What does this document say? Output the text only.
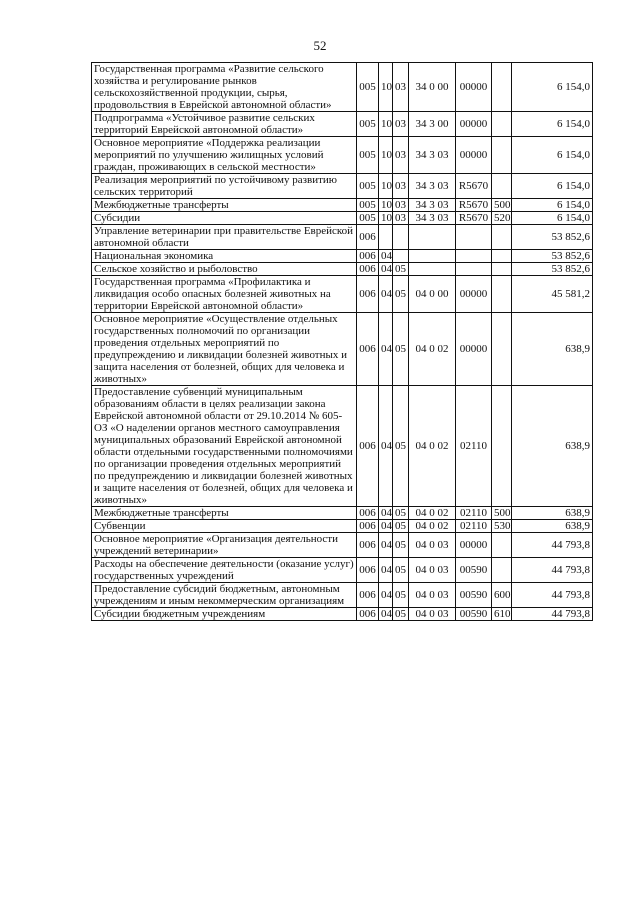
52
Государственная программа «Развитие сельского хозяйства и регулирование рынков сельскохозяйственной продукции, сырья, продовольствия в Еврейской автономной области»	005	10	03	34 0 00	00000		6 154,0
Подпрограмма «Устойчивое развитие сельских территорий Еврейской автономной области»	005	10	03	34 3 00	00000		6 154,0
Основное мероприятие «Поддержка реализации мероприятий по улучшению жилищных условий граждан, проживающих в сельской местности»	005	10	03	34 3 03	00000		6 154,0
Реализация мероприятий по устойчивому развитию сельских территорий	005	10	03	34 3 03	R5670		6 154,0
Межбюджетные трансферты	005	10	03	34 3 03	R5670	500	6 154,0
Субсидии	005	10	03	34 3 03	R5670	520	6 154,0
Управление ветеринарии при правительстве Еврейской автономной области	006						53 852,6
Национальная экономика	006	04					53 852,6
Сельское хозяйство и рыболовство	006	04	05				53 852,6
Государственная программа «Профилактика и ликвидация особо опасных болезней животных на территории Еврейской автономной области»	006	04	05	04 0 00	00000		45 581,2
Основное мероприятие «Осуществление отдельных государственных полномочий по организации проведения отдельных мероприятий по предупреждению и ликвидации болезней животных и защита населения от болезней, общих для человека и животных»	006	04	05	04 0 02	00000		638,9
Предоставление субвенций муниципальным образованиям области в целях реализации закона Еврейской автономной области от 29.10.2014 № 605-ОЗ «О наделении органов местного самоуправления муниципальных образований Еврейской автономной области отдельными государственными полномочиями по организации проведения отдельных мероприятий по предупреждению и ликвидации болезней животных и защите населения от болезней, общих для человека и животных»	006	04	05	04 0 02	02110		638,9
Межбюджетные трансферты	006	04	05	04 0 02	02110	500	638,9
Субвенции	006	04	05	04 0 02	02110	530	638,9
Основное мероприятие «Организация деятельности учреждений ветеринарии»	006	04	05	04 0 03	00000		44 793,8
Расходы на обеспечение деятельности (оказание услуг) государственных учреждений	006	04	05	04 0 03	00590		44 793,8
Предоставление субсидий бюджетным, автономным учреждениям и иным некоммерческим организациям	006	04	05	04 0 03	00590	600	44 793,8
Субсидии бюджетным учреждениям	006	04	05	04 0 03	00590	610	44 793,8
